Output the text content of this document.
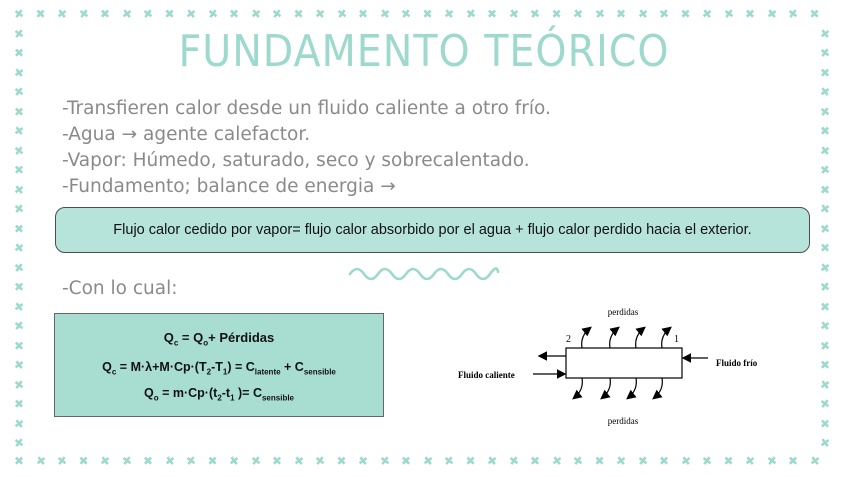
✖
✖
✖
✖
✖
✖
✖
✖
✖
✖
✖
✖
✖
✖
✖
✖
✖
✖
✖
✖
✖
✖
✖
✖
✖
✖
✖
✖
✖
✖
✖
✖
✖
✖
✖
✖
✖
✖
✖
✖
✖
✖
✖
✖
✖
✖
✖
✖
✖
✖
✖
✖
✖
✖
✖
✖
✖
✖
✖
✖
✖
✖
✖
✖
✖
✖
✖
✖
✖
✖
✖
✖
✖
✖
✖
✖
✖	✖
✖	✖
✖	✖
✖	✖
✖	✖
✖	✖
✖	✖
✖	✖
✖	✖
✖	✖
✖	✖
✖	✖
✖	✖
✖	✖
✖	✖
✖	✖
✖	✖
✖	✖
✖	✖
✖	✖
✖	✖
✖	✖
FUNDAMENTO TEÓRICO
-Transfieren calor desde un fluido caliente a otro frío.
-Agua → agente calefactor.
-Vapor: Húmedo, saturado, seco y sobrecalentado.
-Fundamento; balance de energia →
Flujo calor cedido por vapor= flujo calor absorbido por el agua + flujo calor perdido hacia el exterior.
-Con lo cual:
$Q_c = Q_o+$ Pérdidas
$Q_c = M\cdot\lambda+M\cdot Cp\cdot(T_2-T_1) = C_{latente} + C_{sensible}$
$Q_o = m\cdot Cp\cdot(t_2-t_1$ )= $C_{sensible}$
perdidas
perdidas
Fluido caliente
Fluido frío
2	1
